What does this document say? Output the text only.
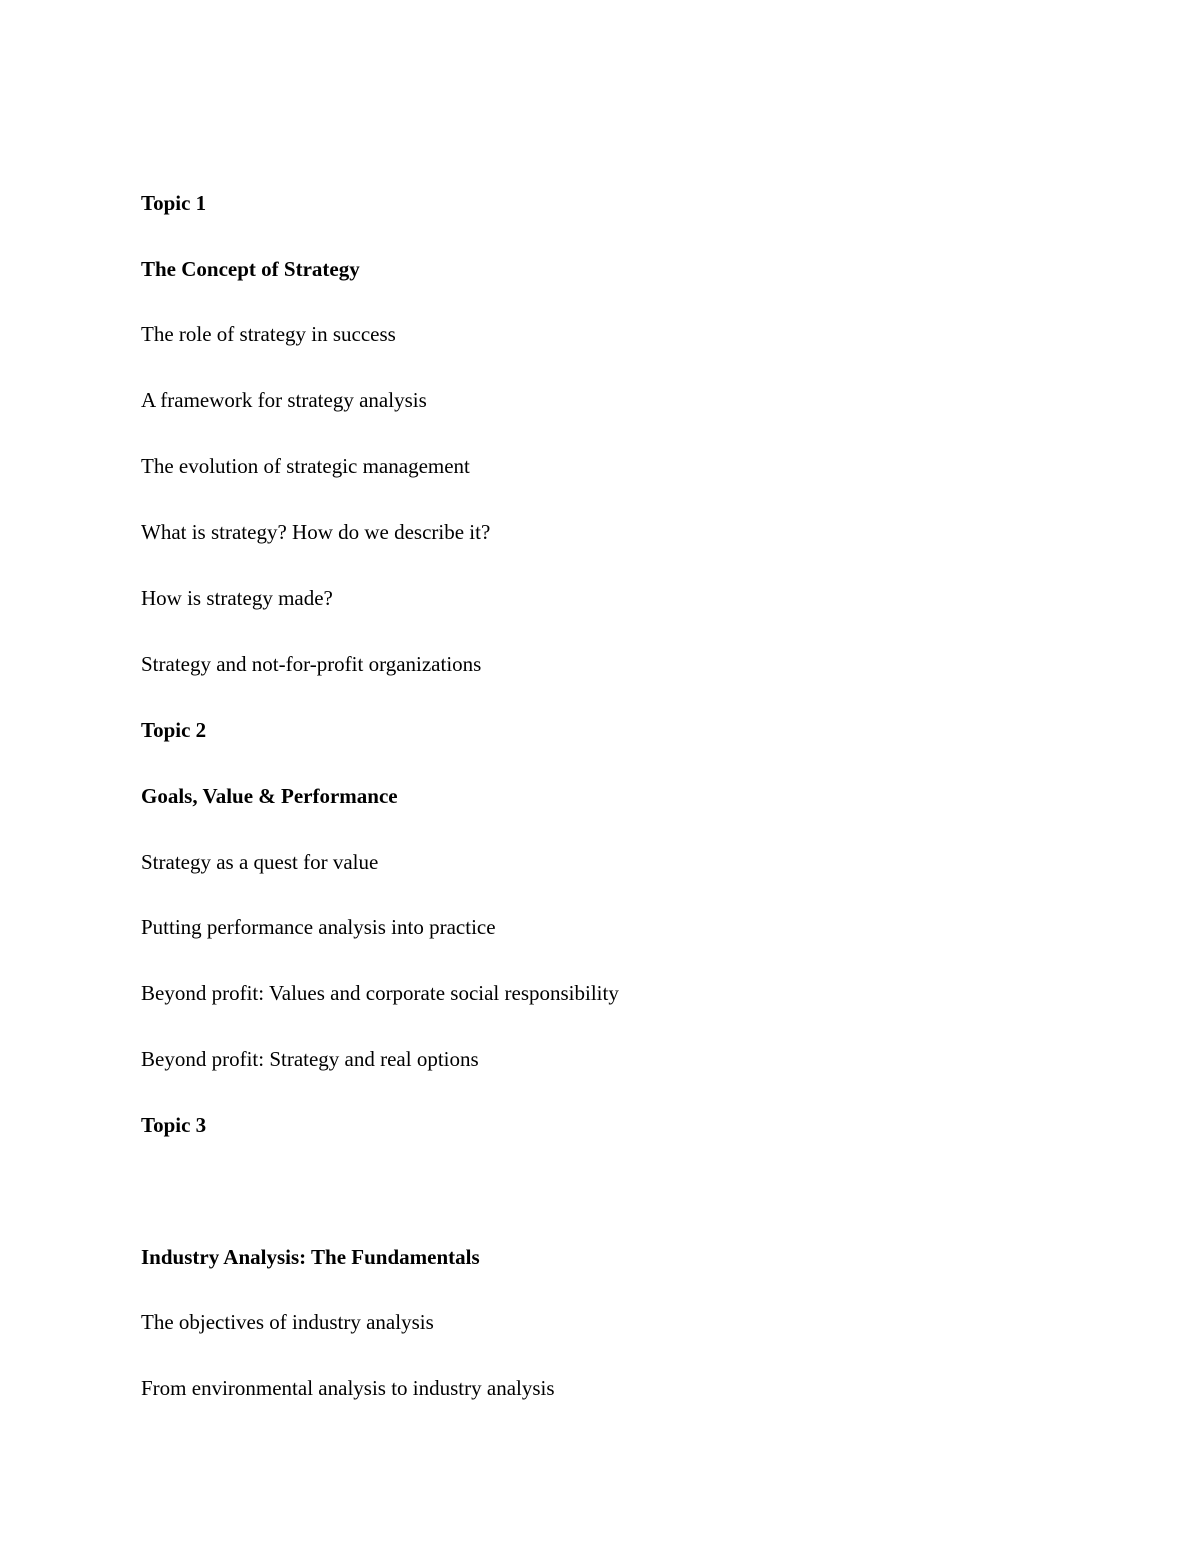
Topic 1

The Concept of Strategy

The role of strategy in success

A framework for strategy analysis

The evolution of strategic management

What is strategy? How do we describe it?

How is strategy made?

Strategy and not-for-profit organizations

Topic 2

Goals, Value & Performance

Strategy as a quest for value

Putting performance analysis into practice

Beyond profit: Values and corporate social responsibility

Beyond profit: Strategy and real options

Topic 3

Industry Analysis: The Fundamentals

The objectives of industry analysis

From environmental analysis to industry analysis
